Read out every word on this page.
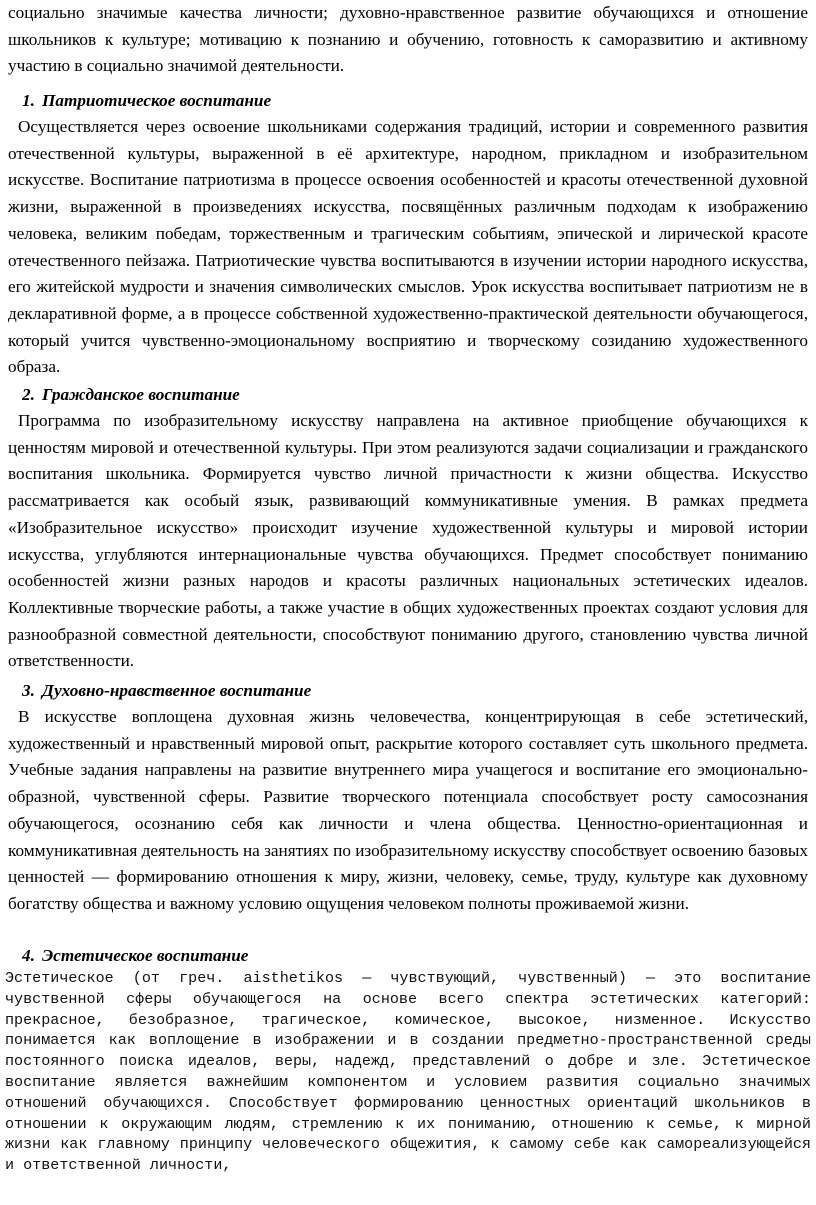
социально значимые качества личности; духовно-нравственное развитие обучающихся и отношение школьников к культуре; мотивацию к познанию и обучению, готовность к саморазвитию и активному участию в социально значимой деятельности.

1. Патриотическое воспитание

Осуществляется через освоение школьниками содержания традиций, истории и современного развития отечественной культуры, выраженной в её архитектуре, народном, прикладном и изобразительном искусстве. Воспитание патриотизма в процессе освоения особенностей и красоты отечественной духовной жизни, выраженной в произведениях искусства, посвящённых различным подходам к изображению человека, великим победам, торжественным и трагическим событиям, эпической и лирической красоте отечественного пейзажа. Патриотические чувства воспитываются в изучении истории народного искусства, его житейской мудрости и значения символических смыслов. Урок искусства воспитывает патриотизм не в декларативной форме, а в процессе собственной художественно-практической деятельности обучающегося, который учится чувственно-эмоциональному восприятию и творческому созиданию художественного образа.

2. Гражданское воспитание

Программа по изобразительному искусству направлена на активное приобщение обучающихся к ценностям мировой и отечественной культуры. При этом реализуются задачи социализации и гражданского воспитания школьника. Формируется чувство личной причастности к жизни общества. Искусство рассматривается как особый язык, развивающий коммуникативные умения. В рамках предмета «Изобразительное искусство» происходит изучение художественной культуры и мировой истории искусства, углубляются интернациональные чувства обучающихся. Предмет способствует пониманию особенностей жизни разных народов и красоты различных национальных эстетических идеалов. Коллективные творческие работы, а также участие в общих художественных проектах создают условия для разнообразной совместной деятельности, способствуют пониманию другого, становлению чувства личной ответственности.

3. Духовно-нравственное воспитание

В искусстве воплощена духовная жизнь человечества, концентрирующая в себе эстетический, художественный и нравственный мировой опыт, раскрытие которого составляет суть школьного предмета. Учебные задания направлены на развитие внутреннего мира учащегося и воспитание его эмоционально-образной, чувственной сферы. Развитие творческого потенциала способствует росту самосознания обучающегося, осознанию себя как личности и члена общества. Ценностно-ориентационная и коммуникативная деятельность на занятиях по изобразительному искусству способствует освоению базовых ценностей — формированию отношения к миру, жизни, человеку, семье, труду, культуре как духовному богатству общества и важному условию ощущения человеком полноты проживаемой жизни.

4. Эстетическое воспитание

Эстетическое (от греч. aisthetikos — чувствующий, чувственный) — это воспитание чувственной сферы обучающегося на основе всего спектра эстетических категорий: прекрасное, безобразное, трагическое, комическое, высокое, низменное. Искусство понимается как воплощение в изображении и в создании предметно-пространственной среды постоянного поиска идеалов, веры, надежд, представлений о добре и зле. Эстетическое воспитание является важнейшим компонентом и условием развития социально значимых отношений обучающихся. Способствует формированию ценностных ориентаций школьников в отношении к окружающим людям, стремлению к их пониманию, отношению к семье, к мирной жизни как главному принципу человеческого общежития, к самому себе как самореализующейся и ответственной личности,
